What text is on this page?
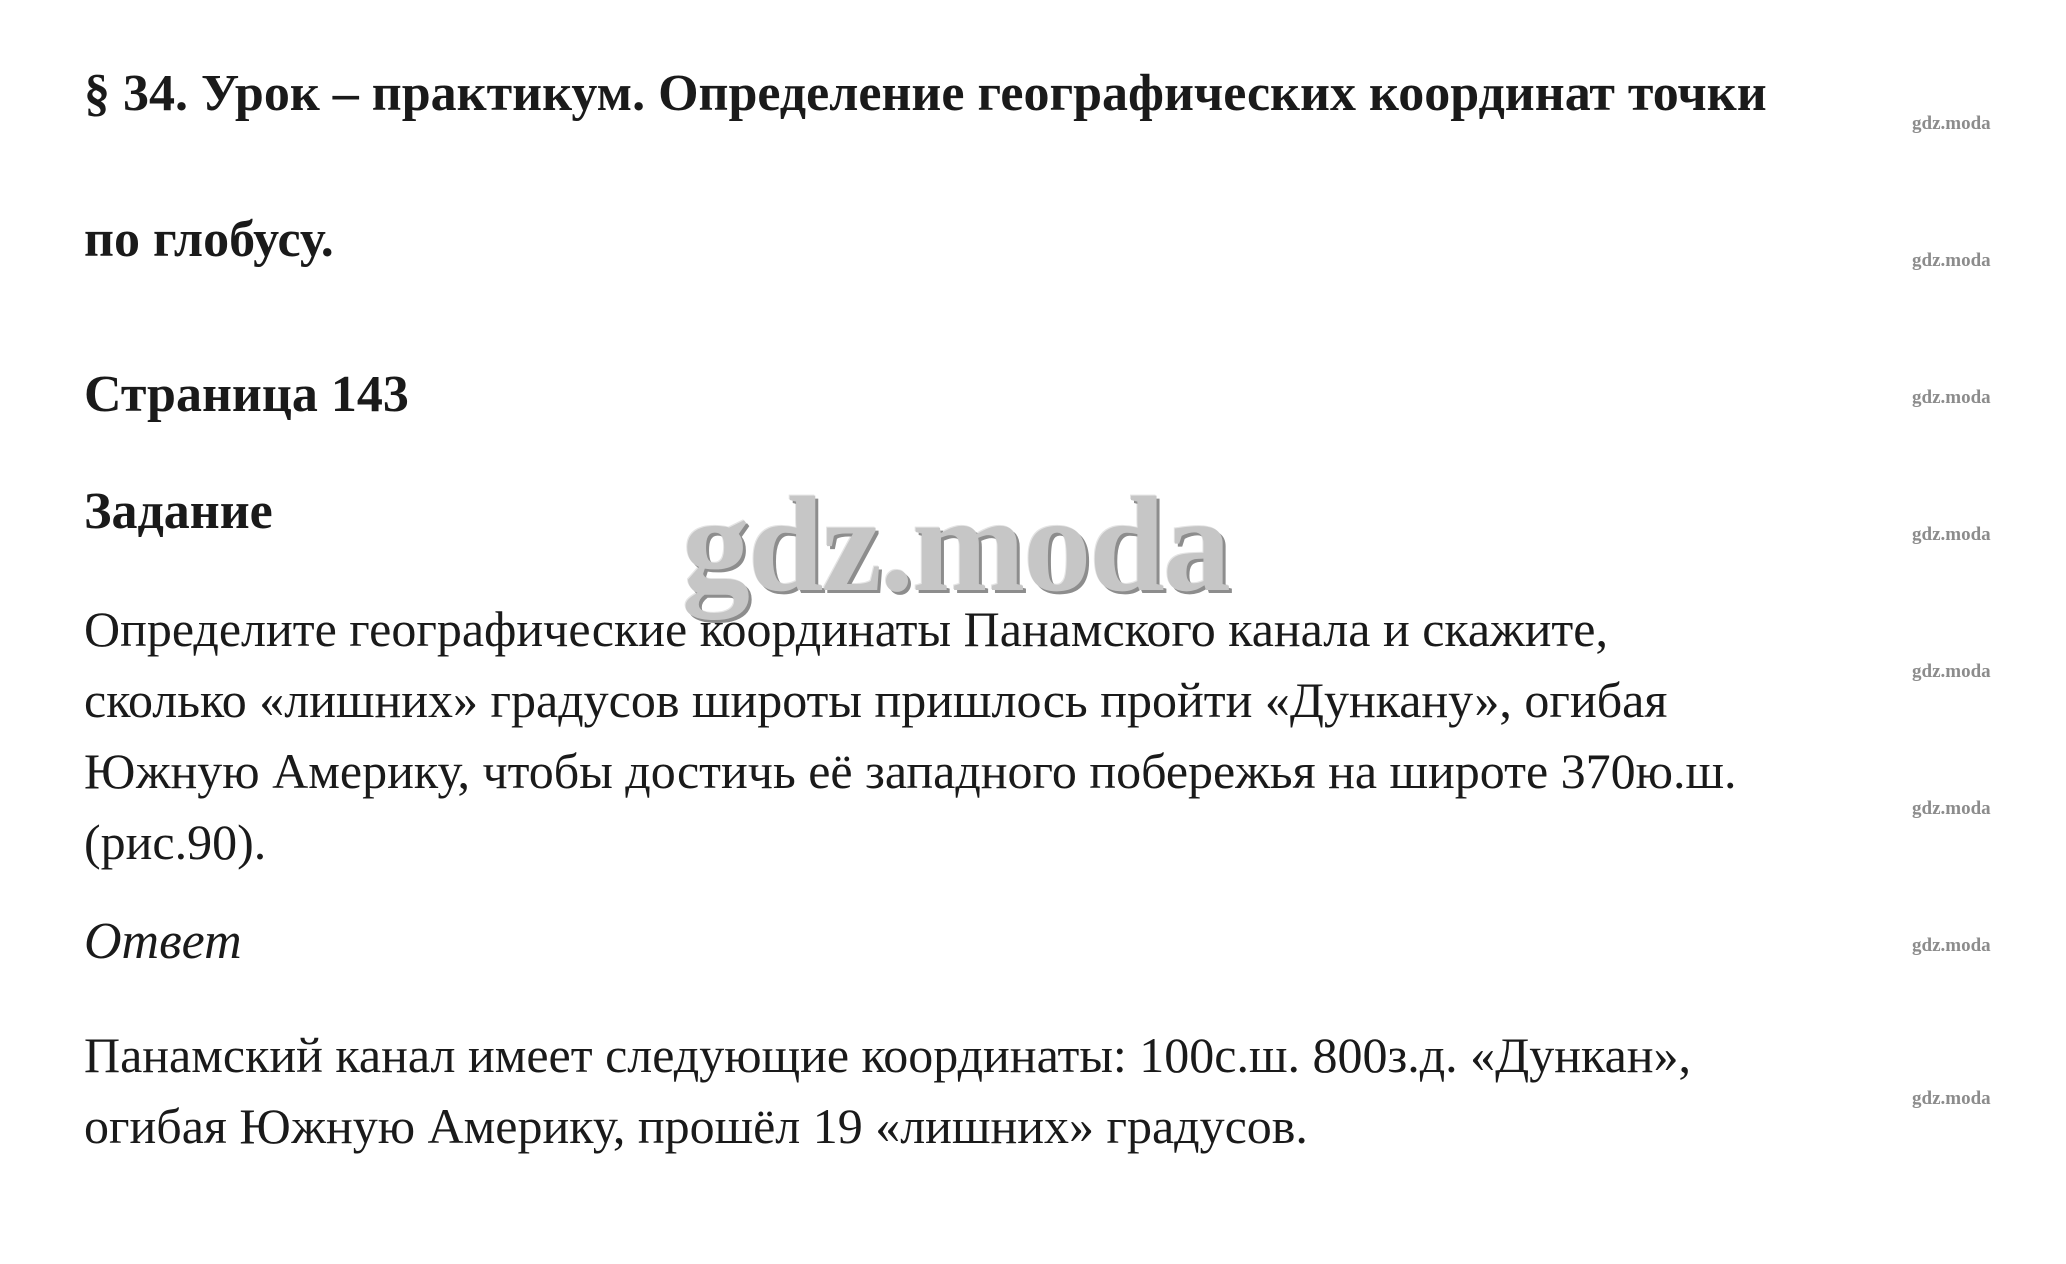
§ 34. Урок – практикум. Определение географических координат точки
по глобусу.
Страница 143
Задание
Определите географические координаты Панамского канала и скажите,
сколько «лишних» градусов широты пришлось пройти «Дункану», огибая
Южную Америку, чтобы достичь её западного побережья на широте 370ю.ш.
(рис.90).
Ответ
Панамский канал имеет следующие координаты: 100с.ш. 800з.д. «Дункан»,
огибая Южную Америку, прошёл 19 «лишних» градусов.
gdz.moda
gdz.moda
gdz.moda
gdz.moda
gdz.moda
gdz.moda
gdz.moda
gdz.moda
gdz.moda
